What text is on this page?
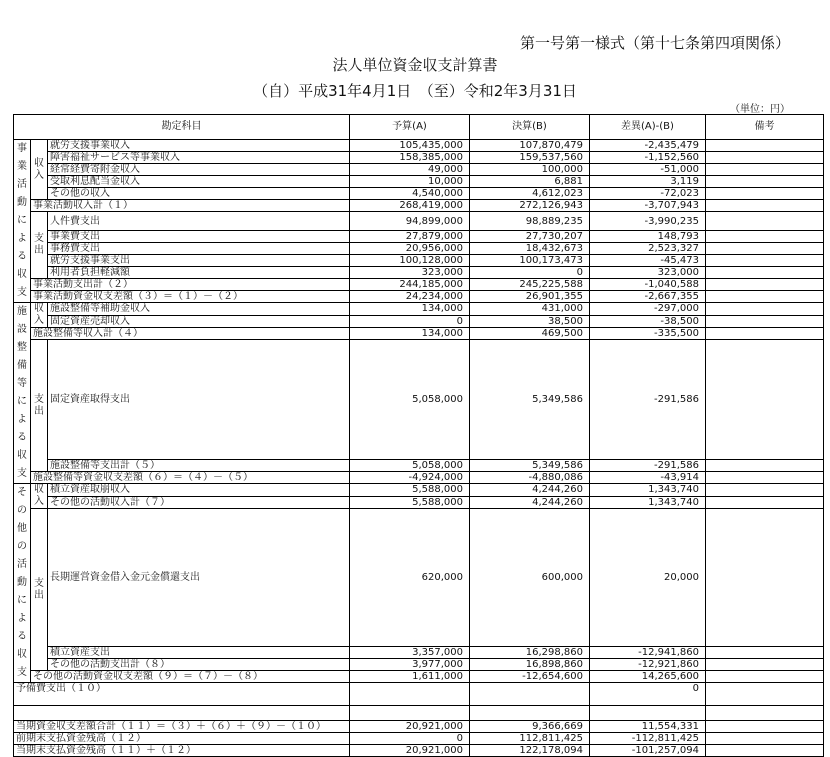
第一号第一様式（第十七条第四項関係）
法人単位資金収支計算書
（自）平成31年4月1日　（至）令和2年3月31日
（単位：円）
勘定科目			予算(A)	決算(B)	差異(A)-(B)	備考
事業活動による収支	収入	就労支援事業収入	105,435,000	107,870,479	-2,435,479	
		障害福祉サービス等事業収入	158,385,000	159,537,560	-1,152,560	
		経常経費寄附金収入	49,000	100,000	-51,000	
		受取利息配当金収入	10,000	6,881	3,119	
		その他の収入	4,540,000	4,612,023	-72,023	
	事業活動収入計（１）		268,419,000	272,126,943	-3,707,943	
	支出	人件費支出	94,899,000	98,889,235	-3,990,235	
		事業費支出	27,879,000	27,730,207	148,793	
		事務費支出	20,956,000	18,432,673	2,523,327	
		就労支援事業支出	100,128,000	100,173,473	-45,473	
		利用者負担軽減額	323,000	0	323,000	
	事業活動支出計（２）		244,185,000	245,225,588	-1,040,588	
	事業活動資金収支差額（３）＝（１）－（２）		24,234,000	26,901,355	-2,667,355	
施設整備等による収支	収入	施設整備等補助金収入	134,000	431,000	-297,000	
		固定資産売却収入	0	38,500	-38,500	
	施設整備等収入計（４）		134,000	469,500	-335,500	
	支出	固定資産取得支出	5,058,000	5,349,586	-291,586	
		施設整備等支出計（５）	5,058,000	5,349,586	-291,586	
	施設整備等資金収支差額（６）＝（４）－（５）		-4,924,000	-4,880,086	-43,914	
その他の活動による収支	収入	積立資産取崩収入	5,588,000	4,244,260	1,343,740	
		その他の活動収入計（７）	5,588,000	4,244,260	1,343,740	
	支出	長期運営資金借入金元金償還支出	620,000	600,000	20,000	
		積立資産支出	3,357,000	16,298,860	-12,941,860	
		その他の活動支出計（８）	3,977,000	16,898,860	-12,921,860	
	その他の活動資金収支差額（９）＝（７）－（８）		1,611,000	-12,654,600	14,265,600	
予備費支出（１０）					0	

当期資金収支差額合計（１１）＝（３）＋（６）＋（９）－（１０）			20,921,000	9,366,669	11,554,331	
前期末支払資金残高（１２）			0	112,811,425	-112,811,425	
当期末支払資金残高（１１）＋（１２）			20,921,000	122,178,094	-101,257,094	
